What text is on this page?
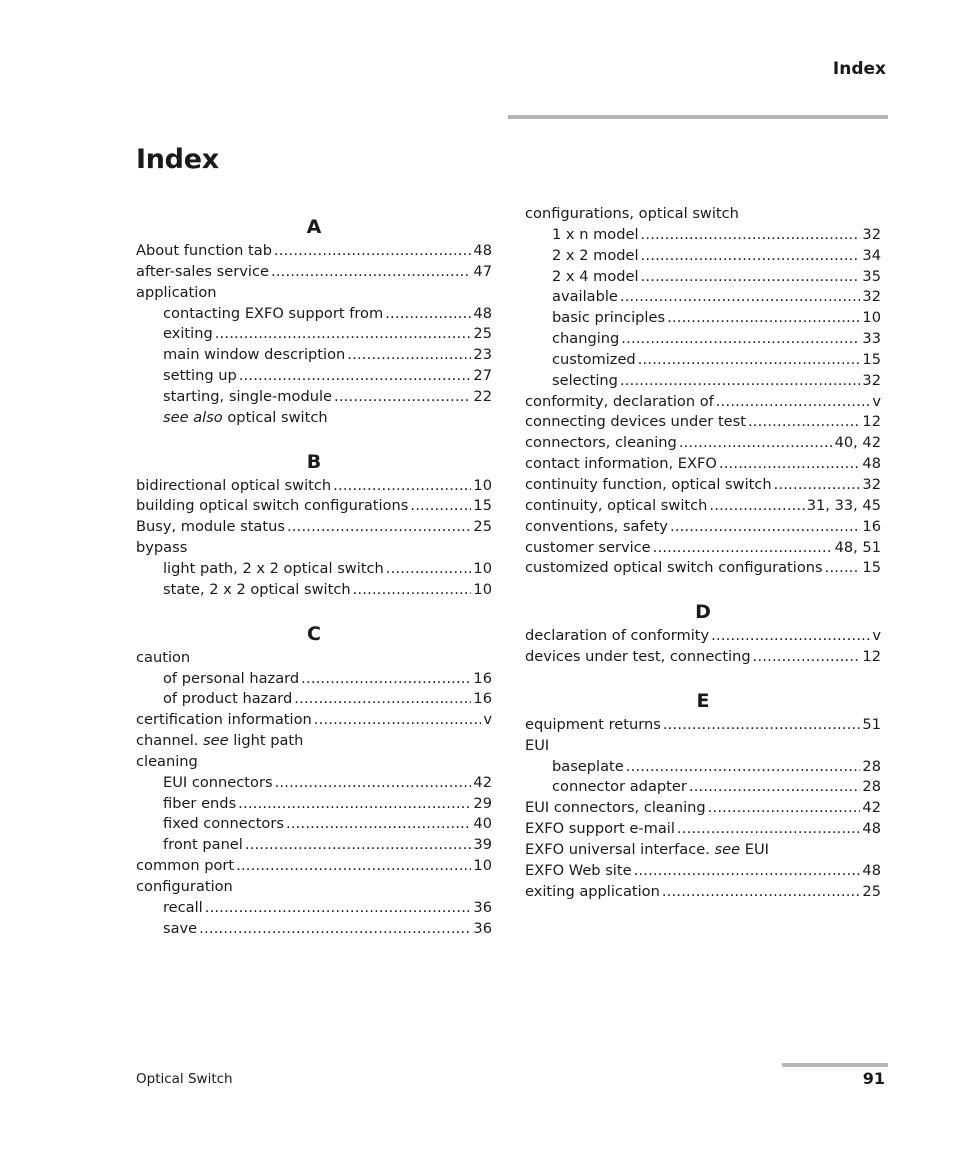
Index
Index
A
About function tab .....	48
after-sales service .....	47
application
contacting EXFO support from .....	48
exiting .....	25
main window description .....	23
setting up .....	27
starting, single-module .....	22
see also optical switch
B
bidirectional optical switch .....	10
building optical switch configurations .....	15
Busy, module status .....	25
bypass
light path, 2 x 2 optical switch .....	10
state, 2 x 2 optical switch .....	10
C
caution
of personal hazard .....	16
of product hazard .....	16
certification information .....	v
channel. see light path
cleaning
EUI connectors .....	42
fiber ends .....	29
fixed connectors .....	40
front panel .....	39
common port .....	10
configuration
recall .....	36
save .....	36
configurations, optical switch
1 x n model .....	32
2 x 2 model .....	34
2 x 4 model .....	35
available .....	32
basic principles .....	10
changing .....	33
customized .....	15
selecting .....	32
conformity, declaration of .....	v
connecting devices under test .....	12
connectors, cleaning .....	40, 42
contact information, EXFO .....	48
continuity function, optical switch .....	32
continuity, optical switch .....	31, 33, 45
conventions, safety .....	16
customer service .....	48, 51
customized optical switch configurations .....	15
D
declaration of conformity .....	v
devices under test, connecting .....	12
E
equipment returns .....	51
EUI
baseplate .....	28
connector adapter .....	28
EUI connectors, cleaning .....	42
EXFO support e-mail .....	48
EXFO universal interface. see EUI
EXFO Web site .....	48
exiting application .....	25
Optical Switch	91
